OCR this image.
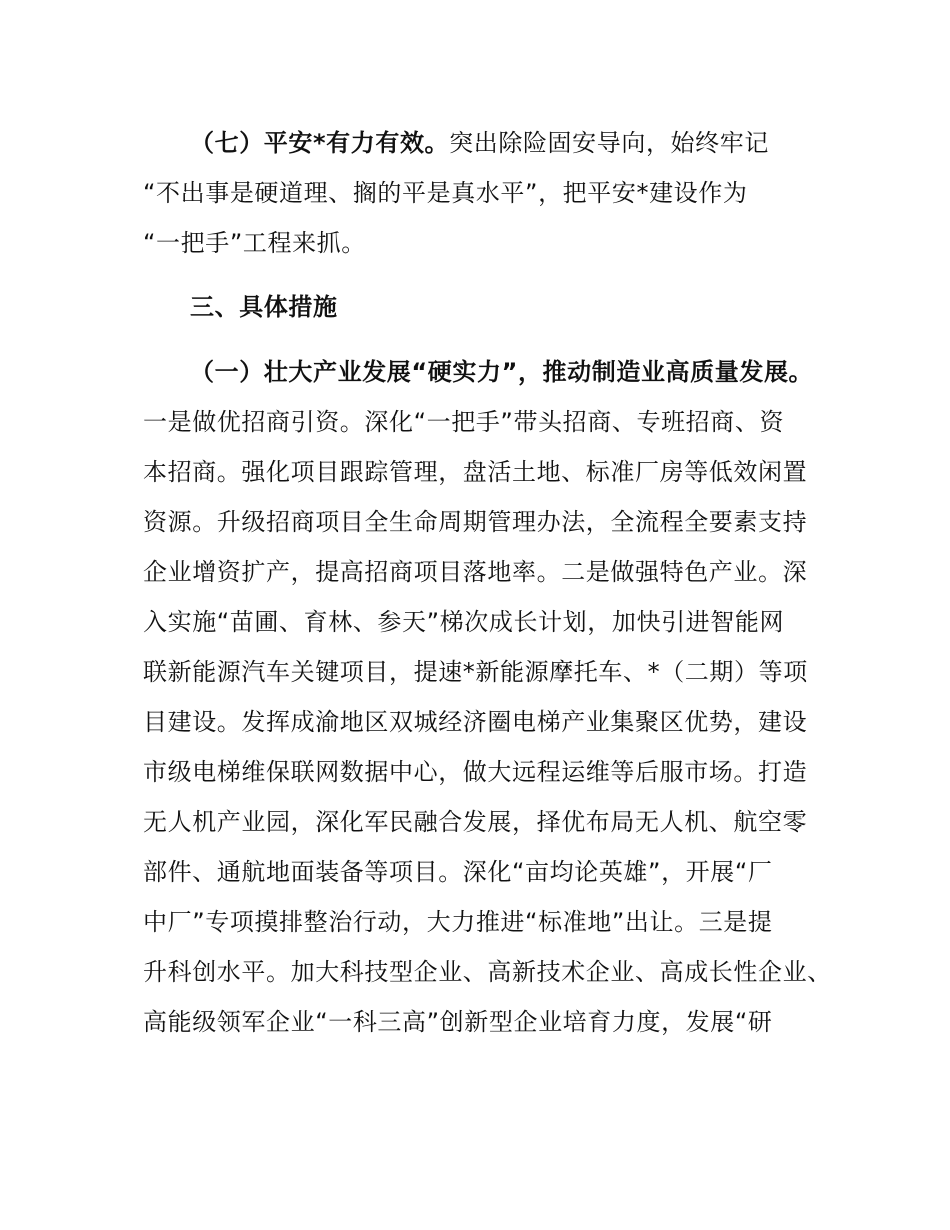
（七）平安*有力有效。突出除险固安导向，始终牢记
“不出事是硬道理、搁的平是真水平”，把平安*建设作为
“一把手”工程来抓。
三、具体措施
（一）壮大产业发展“硬实力”，推动制造业高质量发展。
一是做优招商引资。深化“一把手”带头招商、专班招商、资
本招商。强化项目跟踪管理，盘活土地、标准厂房等低效闲置
资源。升级招商项目全生命周期管理办法，全流程全要素支持
企业增资扩产，提高招商项目落地率。二是做强特色产业。深
入实施“苗圃、育林、参天”梯次成长计划，加快引进智能网
联新能源汽车关键项目，提速*新能源摩托车、*（二期）等项
目建设。发挥成渝地区双城经济圈电梯产业集聚区优势，建设
市级电梯维保联网数据中心，做大远程运维等后服市场。打造
无人机产业园，深化军民融合发展，择优布局无人机、航空零
部件、通航地面装备等项目。深化“亩均论英雄”，开展“厂
中厂”专项摸排整治行动，大力推进“标准地”出让。三是提
升科创水平。加大科技型企业、高新技术企业、高成长性企业、
高能级领军企业“一科三高”创新型企业培育力度，发展“研
